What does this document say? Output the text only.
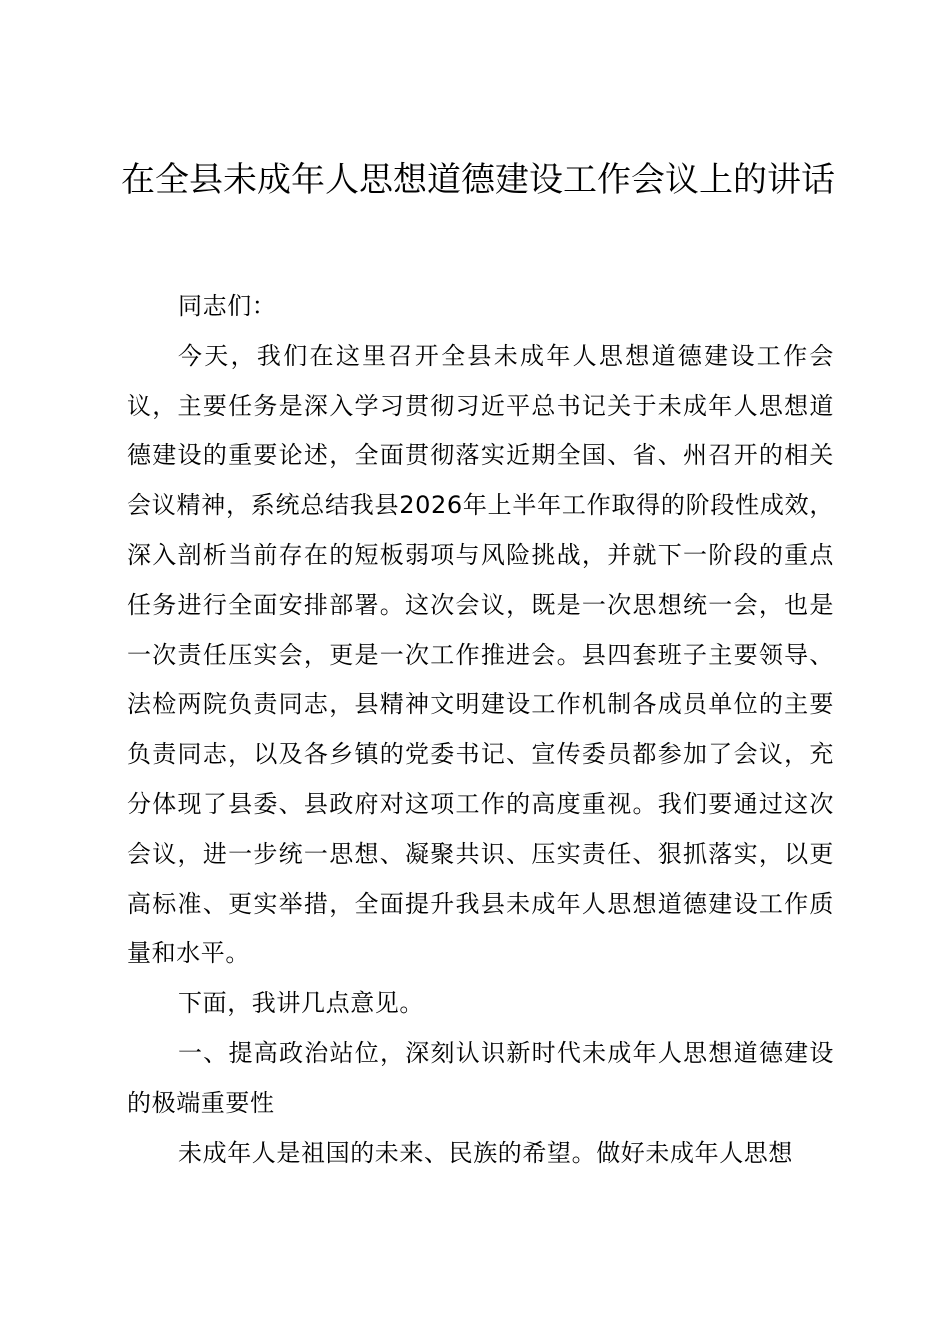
在全县未成年人思想道德建设工作会议上的讲话

同志们：

今天，我们在这里召开全县未成年人思想道德建设工作会议，主要任务是深入学习贯彻习近平总书记关于未成年人思想道德建设的重要论述，全面贯彻落实近期全国、省、州召开的相关会议精神，系统总结我县2026年上半年工作取得的阶段性成效，深入剖析当前存在的短板弱项与风险挑战，并就下一阶段的重点任务进行全面安排部署。这次会议，既是一次思想统一会，也是一次责任压实会，更是一次工作推进会。县四套班子主要领导、法检两院负责同志，县精神文明建设工作机制各成员单位的主要负责同志，以及各乡镇的党委书记、宣传委员都参加了会议，充分体现了县委、县政府对这项工作的高度重视。我们要通过这次会议，进一步统一思想、凝聚共识、压实责任、狠抓落实，以更高标准、更实举措，全面提升我县未成年人思想道德建设工作质量和水平。

下面，我讲几点意见。

一、提高政治站位，深刻认识新时代未成年人思想道德建设的极端重要性

未成年人是祖国的未来、民族的希望。做好未成年人思想
